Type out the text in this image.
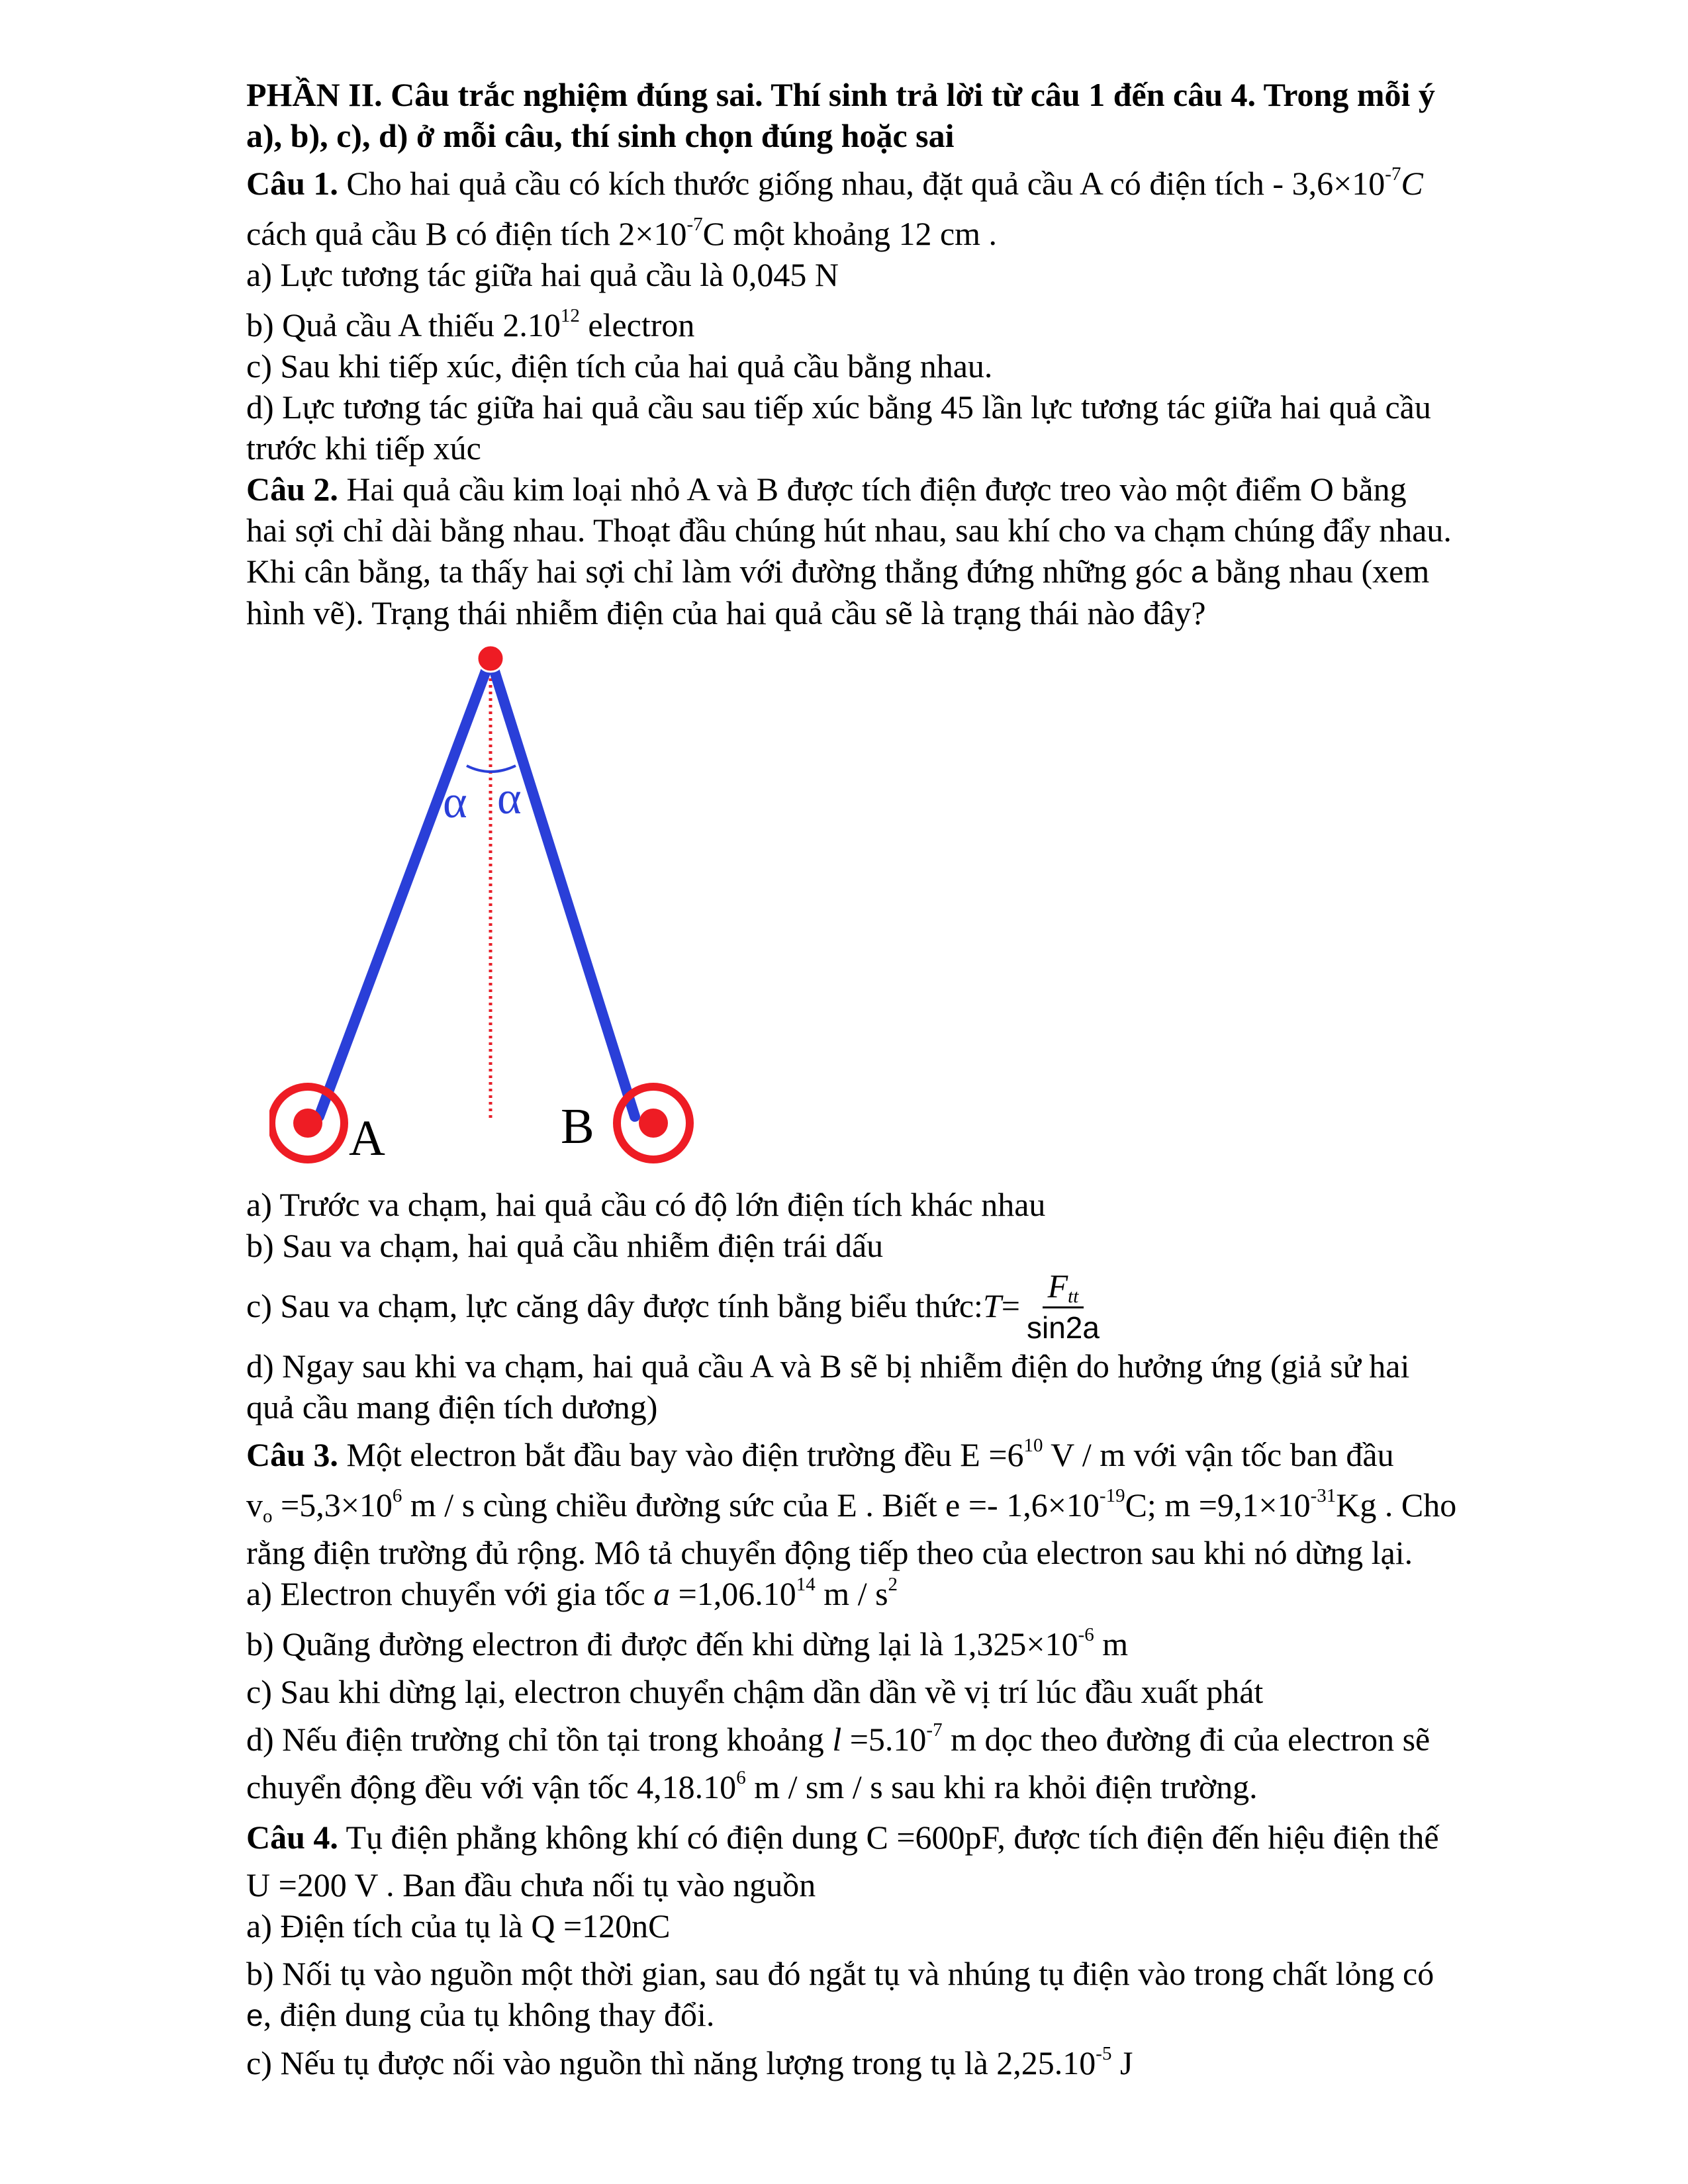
PHẦN II. Câu trắc nghiệm đúng sai. Thí sinh trả lời từ câu 1 đến câu 4. Trong mỗi ý
a), b), c), d) ở mỗi câu, thí sinh chọn đúng hoặc sai
Câu 1. Cho hai quả cầu có kích thước giống nhau, đặt quả cầu A có điện tích - $3,6\times 10^{-7}C$
cách quả cầu B có điện tích $2\times 10^{-7}C$ một khoảng 12 cm .
a) Lực tương tác giữa hai quả cầu là 0,045 N
b) Quả cầu A thiếu 2.10$^{12}$ electron
c) Sau khi tiếp xúc, điện tích của hai quả cầu bằng nhau.
d) Lực tương tác giữa hai quả cầu sau tiếp xúc bằng 45 lần lực tương tác giữa hai quả cầu
trước khi tiếp xúc
Câu 2. Hai quả cầu kim loại nhỏ A và B được tích điện được treo vào một điểm O bằng
hai sợi chỉ dài bằng nhau. Thoạt đầu chúng hút nhau, sau khí cho va chạm chúng đẩy nhau.
Khi cân bằng, ta thấy hai sợi chỉ làm với đường thẳng đứng những góc a bằng nhau (xem
hình vẽ). Trạng thái nhiễm điện của hai quả cầu sẽ là trạng thái nào đây?
α α
A	B
a) Trước va chạm, hai quả cầu có độ lớn điện tích khác nhau
b) Sau va chạm, hai quả cầu nhiễm điện trái dấu
c) Sau va chạm, lực căng dây được tính bằng biểu thức: $T = \frac{F_{tt}}{\sin 2a}$
d) Ngay sau khi va chạm, hai quả cầu A và B sẽ bị nhiễm điện do hưởng ứng (giả sử hai
quả cầu mang điện tích dương)
Câu 3. Một electron bắt đầu bay vào điện trường đều $E =6^{10}$ V / m với vận tốc ban đầu
$v_o =5,3\times 10^6$ m / s cùng chiều đường sức của E . Biết $e =- 1,6\times 10^{-19}C$; $m =9,1\times 10^{-31}Kg$ . Cho
rằng điện trường đủ rộng. Mô tả chuyển động tiếp theo của electron sau khi nó dừng lại.
a) Electron chuyển với gia tốc $a =1,06.10^{14}$ m / $s^2$
b) Quãng đường electron đi được đến khi dừng lại là $1,325\times 10^{-6}$ m
c) Sau khi dừng lại, electron chuyển chậm dần dần về vị trí lúc đầu xuất phát
d) Nếu điện trường chỉ tồn tại trong khoảng $l =5.10^{-7}$ m dọc theo đường đi của electron sẽ
chuyển động đều với vận tốc 4,18.10$^6$ m / sm / s sau khi ra khỏi điện trường.
Câu 4. Tụ điện phẳng không khí có điện dung C =600pF, được tích điện đến hiệu điện thế
U =200 V . Ban đầu chưa nối tụ vào nguồn
a) Điện tích của tụ là Q =120nC
b) Nối tụ vào nguồn một thời gian, sau đó ngắt tụ và nhúng tụ điện vào trong chất lỏng có
e, điện dung của tụ không thay đổi.
c) Nếu tụ được nối vào nguồn thì năng lượng trong tụ là $2,25.10^{-5}$ J
